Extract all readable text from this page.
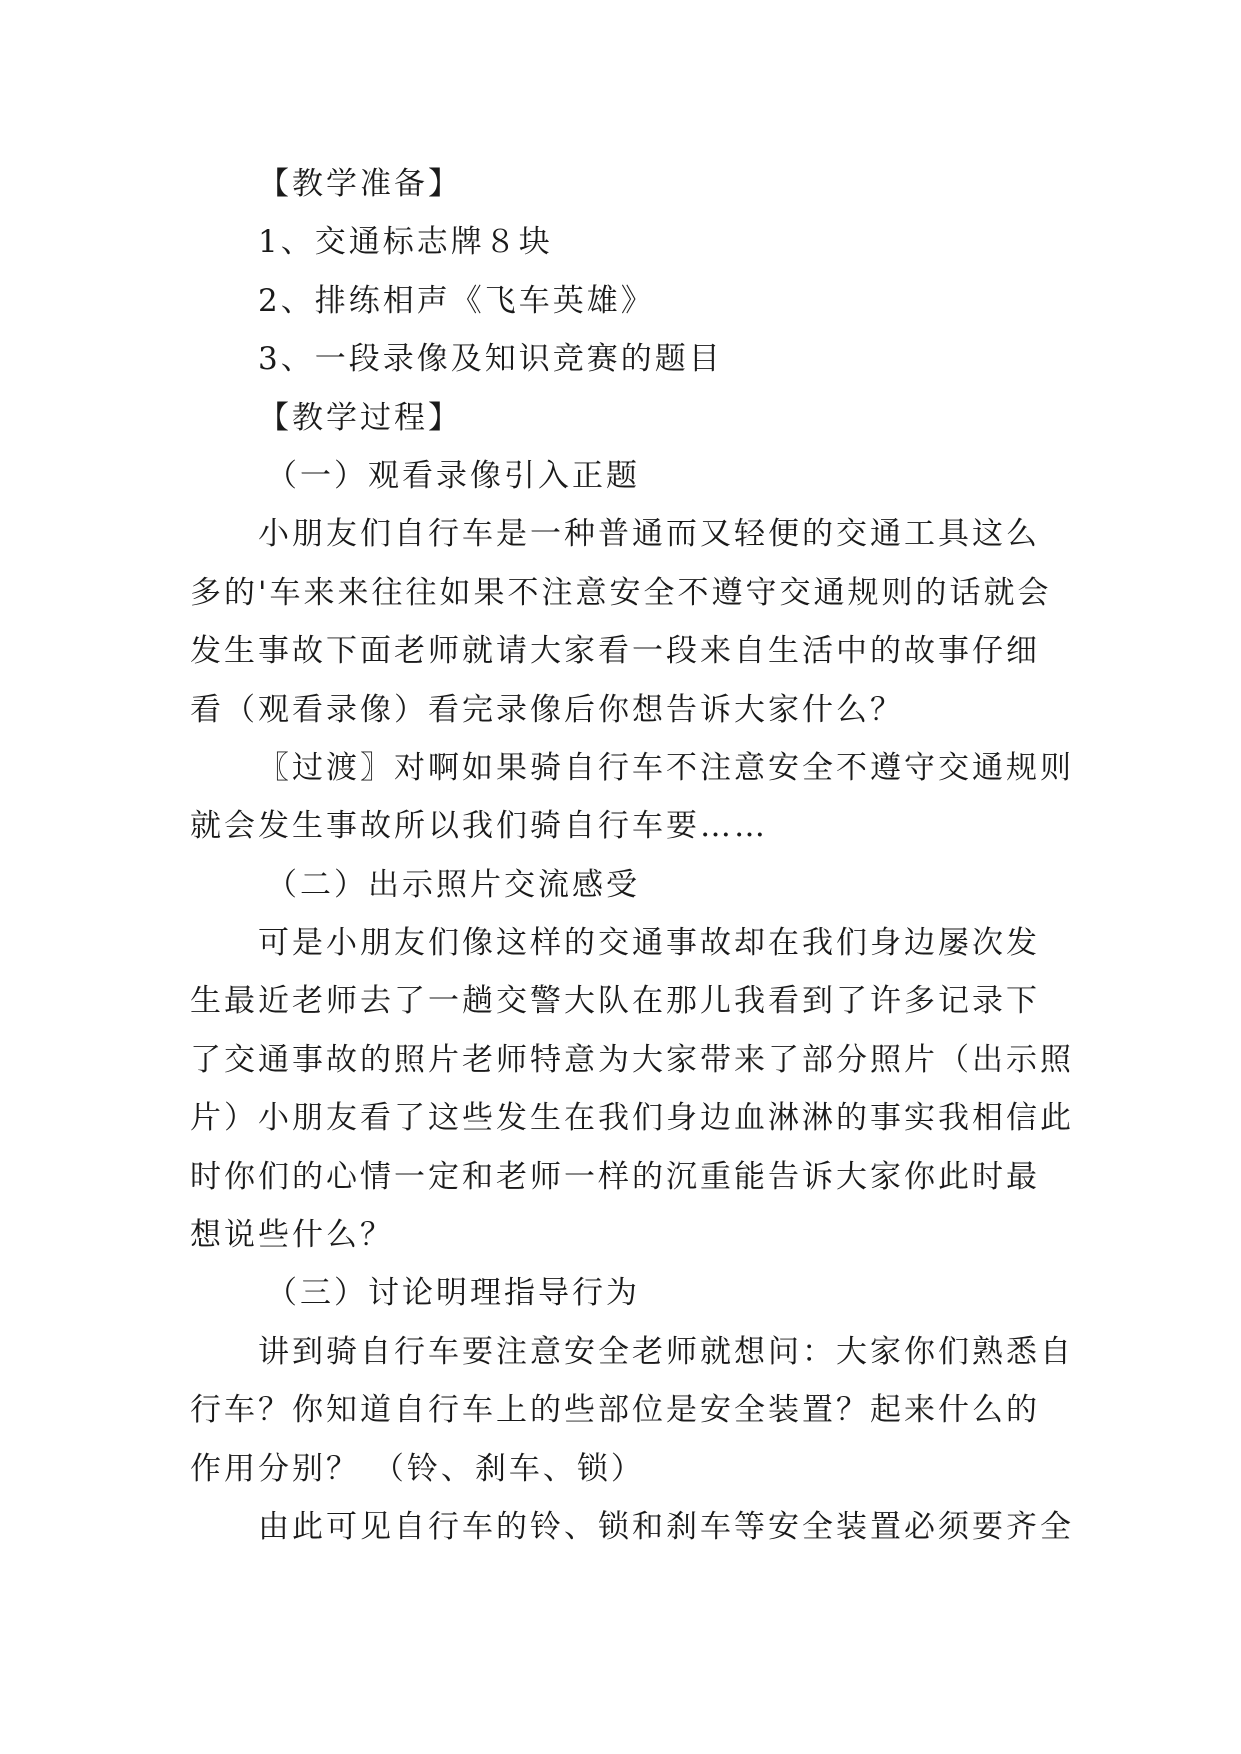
【教学准备】
1、交通标志牌８块
2、排练相声《飞车英雄》
3、一段录像及知识竞赛的题目
【教学过程】
（一）观看录像引入正题
小朋友们自行车是一种普通而又轻便的交通工具这么
多的'车来来往往如果不注意安全不遵守交通规则的话就会
发生事故下面老师就请大家看一段来自生活中的故事仔细
看（观看录像）看完录像后你想告诉大家什么？
〖过渡〗对啊如果骑自行车不注意安全不遵守交通规则
就会发生事故所以我们骑自行车要……
（二）出示照片交流感受
可是小朋友们像这样的交通事故却在我们身边屡次发
生最近老师去了一趟交警大队在那儿我看到了许多记录下
了交通事故的照片老师特意为大家带来了部分照片（出示照
片）小朋友看了这些发生在我们身边血淋淋的事实我相信此
时你们的心情一定和老师一样的沉重能告诉大家你此时最
想说些什么？
（三）讨论明理指导行为
讲到骑自行车要注意安全老师就想问：大家你们熟悉自
行车？你知道自行车上的些部位是安全装置？起来什么的
作用分别？ （铃、刹车、锁）
由此可见自行车的铃、锁和刹车等安全装置必须要齐全
